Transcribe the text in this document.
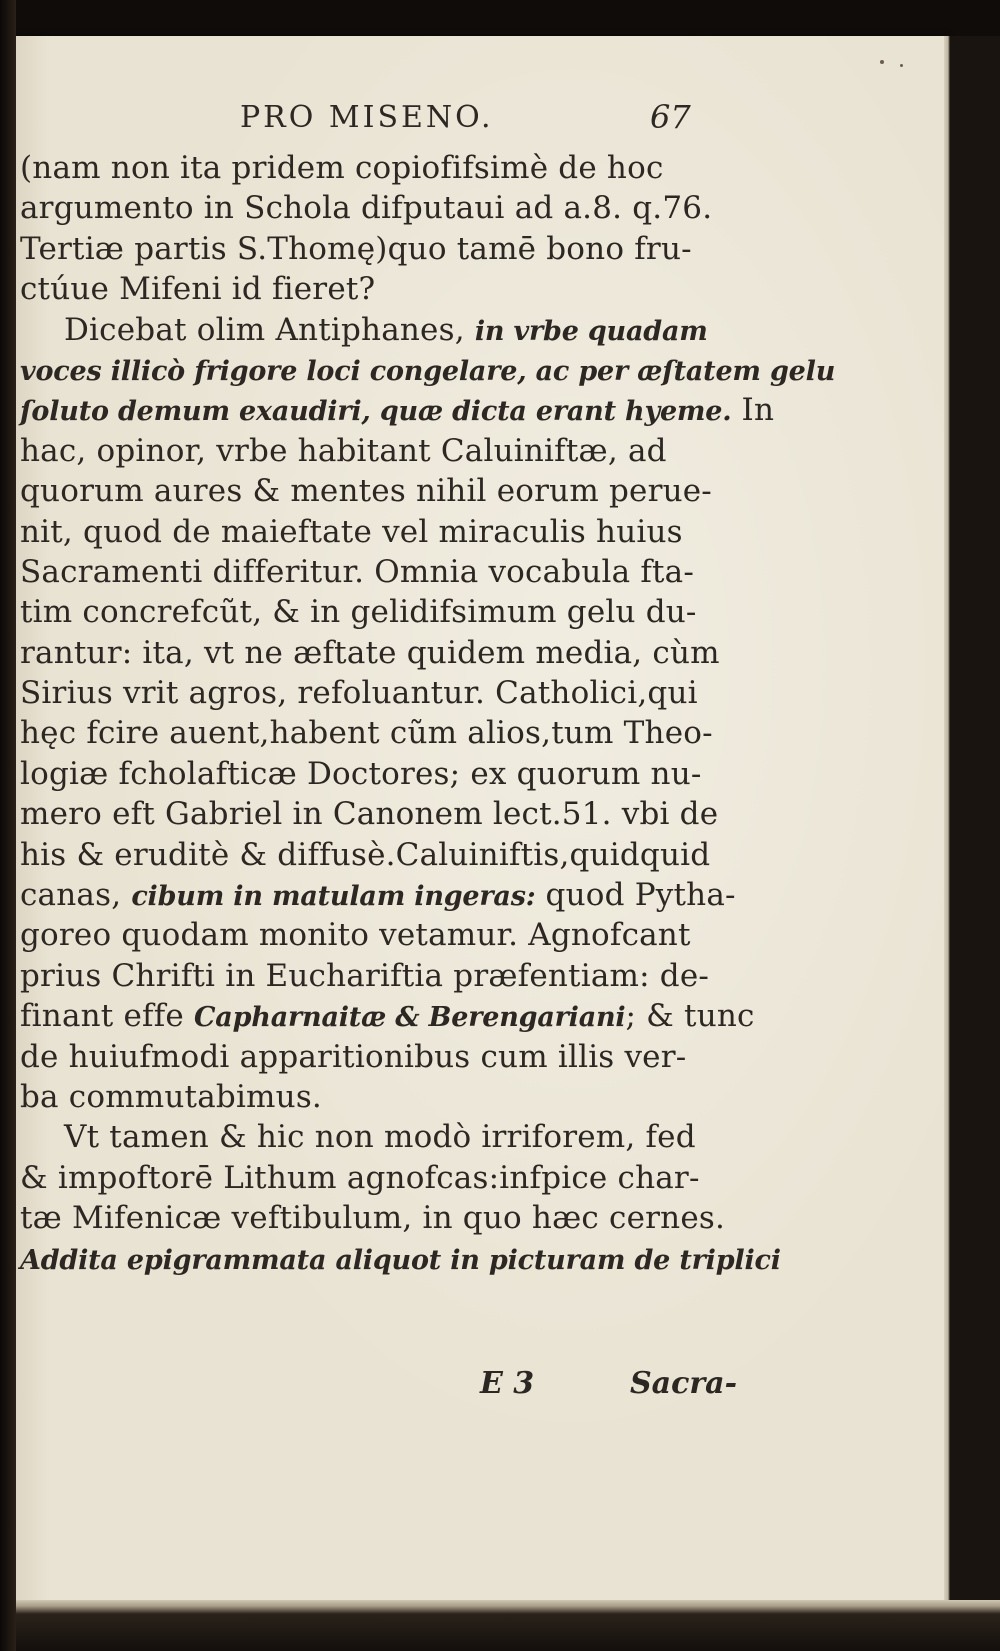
PRO MISENO.	67
(nam non ita pridem copiofifsimè de hoc
argumento in Schola difputaui ad a.8. q.76.
Tertiæ partis S.Thomę)quo tamē bono fru-
ctúue Mifeni id fieret?
Dicebat olim Antiphanes, in vrbe quadam
voces illicò frigore loci congelare, ac per æſtatem gelu
ſoluto demum exaudiri, quæ dicta erant hyeme. In
hac, opinor, vrbe habitant Caluiniftæ, ad
quorum aures & mentes nihil eorum perue-
nit, quod de maieftate vel miraculis huius
Sacramenti differitur. Omnia vocabula fta-
tim concrefcũt, & in gelidifsimum gelu du-
rantur: ita, vt ne æftate quidem media, cùm
Sirius vrit agros, refoluantur. Catholici,qui
hęc fcire auent,habent cũm alios,tum Theo-
logiæ fcholafticæ Doctores; ex quorum nu-
mero eft Gabriel in Canonem lect.51. vbi de
his & eruditè & diffusè.Caluiniftis,quidquid
canas, cibum in matulam ingeras: quod Pytha-
goreo quodam monito vetamur. Agnofcant
prius Chrifti in Euchariftia præfentiam: de-
finant effe Capharnaitæ & Berengariani; & tunc
de huiufmodi apparitionibus cum illis ver-
ba commutabimus.
Vt tamen & hic non modò irriforem, fed
& impoftorē Lithum agnofcas:infpice char-
tæ Mifenicæ veftibulum, in quo hæc cernes.
Addita epigrammata aliquot in picturam de triplici
E 3	Sacra-
